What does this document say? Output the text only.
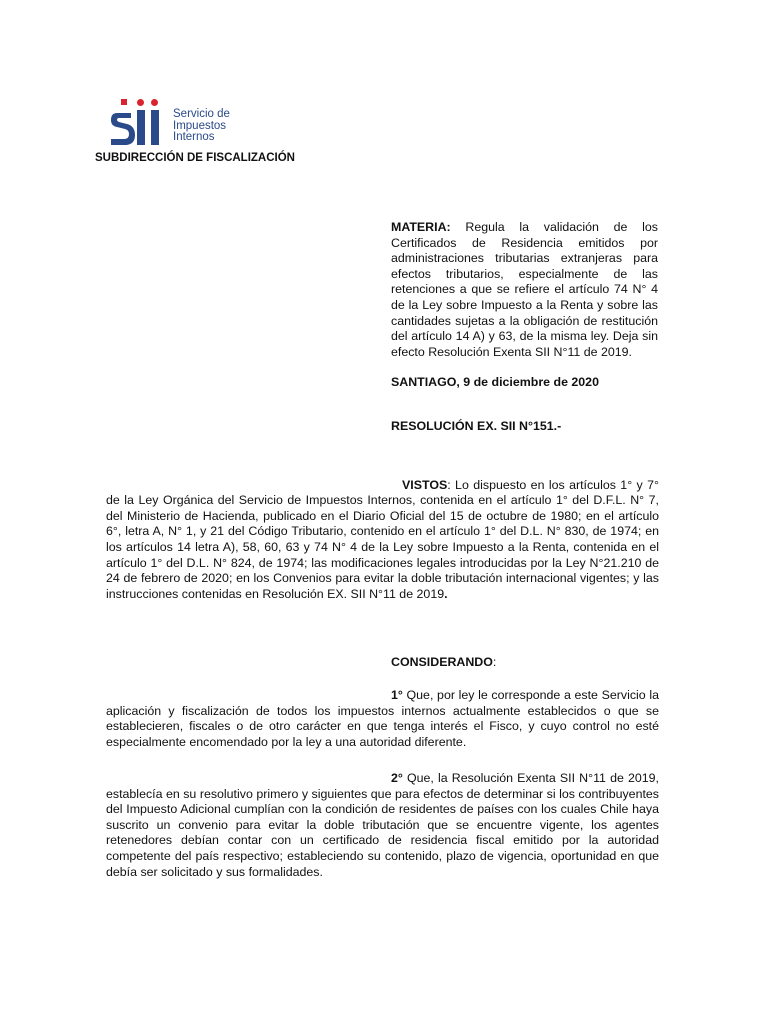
Servicio de
Impuestos
Internos
SUBDIRECCIÓN DE FISCALIZACIÓN
MATERIA: Regula la validación de los Certificados de Residencia emitidos por administraciones tributarias extranjeras para efectos tributarios, especialmente de las retenciones a que se refiere el artículo 74 N° 4 de la Ley sobre Impuesto a la Renta y sobre las cantidades sujetas a la obligación de restitución del artículo 14 A) y 63, de la misma ley. Deja sin efecto Resolución Exenta SII N°11 de 2019.
SANTIAGO, 9 de diciembre de 2020
RESOLUCIÓN EX. SII N°151.-
VISTOS: Lo dispuesto en los artículos 1° y 7° de la Ley Orgánica del Servicio de Impuestos Internos, contenida en el artículo 1° del D.F.L. N° 7, del Ministerio de Hacienda, publicado en el Diario Oficial del 15 de octubre de 1980; en el artículo 6°, letra A, N° 1, y 21 del Código Tributario, contenido en el artículo 1° del D.L. N° 830, de 1974; en los artículos 14 letra A), 58, 60, 63 y 74 N° 4 de la Ley sobre Impuesto a la Renta, contenida en el artículo 1° del D.L. N° 824, de 1974; las modificaciones legales introducidas por la Ley N°21.210 de 24 de febrero de 2020; en los Convenios para evitar la doble tributación internacional vigentes; y las instrucciones contenidas en Resolución EX. SII N°11 de 2019.
CONSIDERANDO:
1° Que, por ley le corresponde a este Servicio la aplicación y fiscalización de todos los impuestos internos actualmente establecidos o que se establecieren, fiscales o de otro carácter en que tenga interés el Fisco, y cuyo control no esté especialmente encomendado por la ley a una autoridad diferente.
2° Que, la Resolución Exenta SII N°11 de 2019, establecía en su resolutivo primero y siguientes que para efectos de determinar si los contribuyentes del Impuesto Adicional cumplían con la condición de residentes de países con los cuales Chile haya suscrito un convenio para evitar la doble tributación que se encuentre vigente, los agentes retenedores debían contar con un certificado de residencia fiscal emitido por la autoridad competente del país respectivo; estableciendo su contenido, plazo de vigencia, oportunidad en que debía ser solicitado y sus formalidades.
